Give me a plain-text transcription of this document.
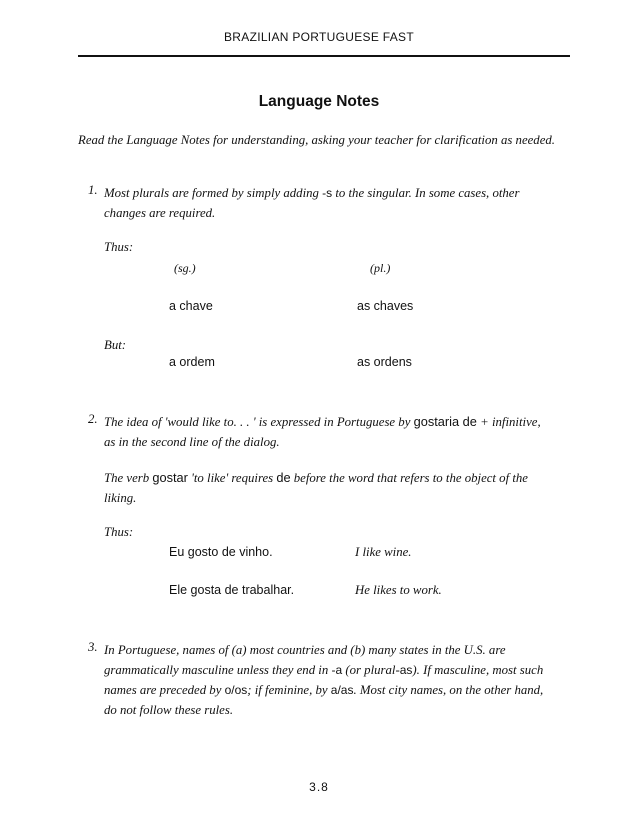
BRAZILIAN PORTUGUESE FAST
Language Notes
Read the Language Notes for understanding, asking your teacher for clarification as needed.
1. Most plurals are formed by simply adding -s to the singular. In some cases, other changes are required.
Thus:
(sg.)	(pl.)
a chave	as chaves
But:
a ordem	as ordens
2. The idea of 'would like to. . . ' is expressed in Portuguese by gostaria de + infinitive, as in the second line of the dialog.
The verb gostar 'to like' requires de before the word that refers to the object of the liking.
Thus:
Eu gosto de vinho.	I like wine.
Ele gosta de trabalhar.	He likes to work.
3. In Portuguese, names of (a) most countries and (b) many states in the U.S. are grammatically masculine unless they end in -a (or plural-as). If masculine, most such names are preceded by o/os; if feminine, by a/as. Most city names, on the other hand, do not follow these rules.
3.8
